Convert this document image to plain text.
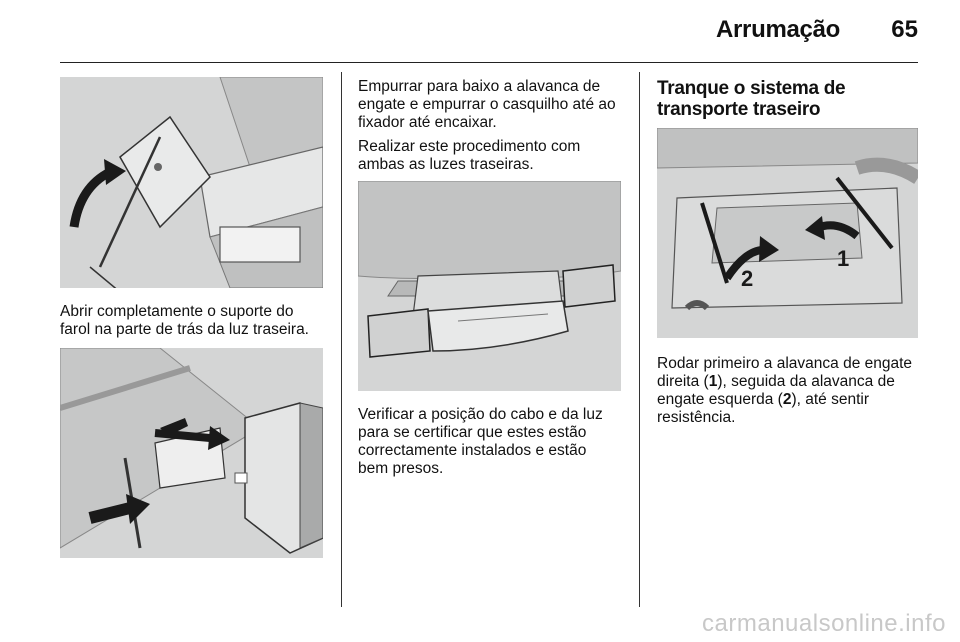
Arrumação 65

Abrir completamente o suporte do
farol na parte de trás da luz traseira.

Empurrar para baixo a alavanca de
engate e empurrar o casquilho até ao
fixador até encaixar.

Realizar este procedimento com
ambas as luzes traseiras.

Verificar a posição do cabo e da luz
para se certificar que estes estão
correctamente instalados e estão
bem presos.

Tranque o sistema de
transporte traseiro
2
1

Rodar primeiro a alavanca de engate
direita (1), seguida da alavanca de
engate esquerda (2), até sentir
resistência.

carmanualsonline.info
